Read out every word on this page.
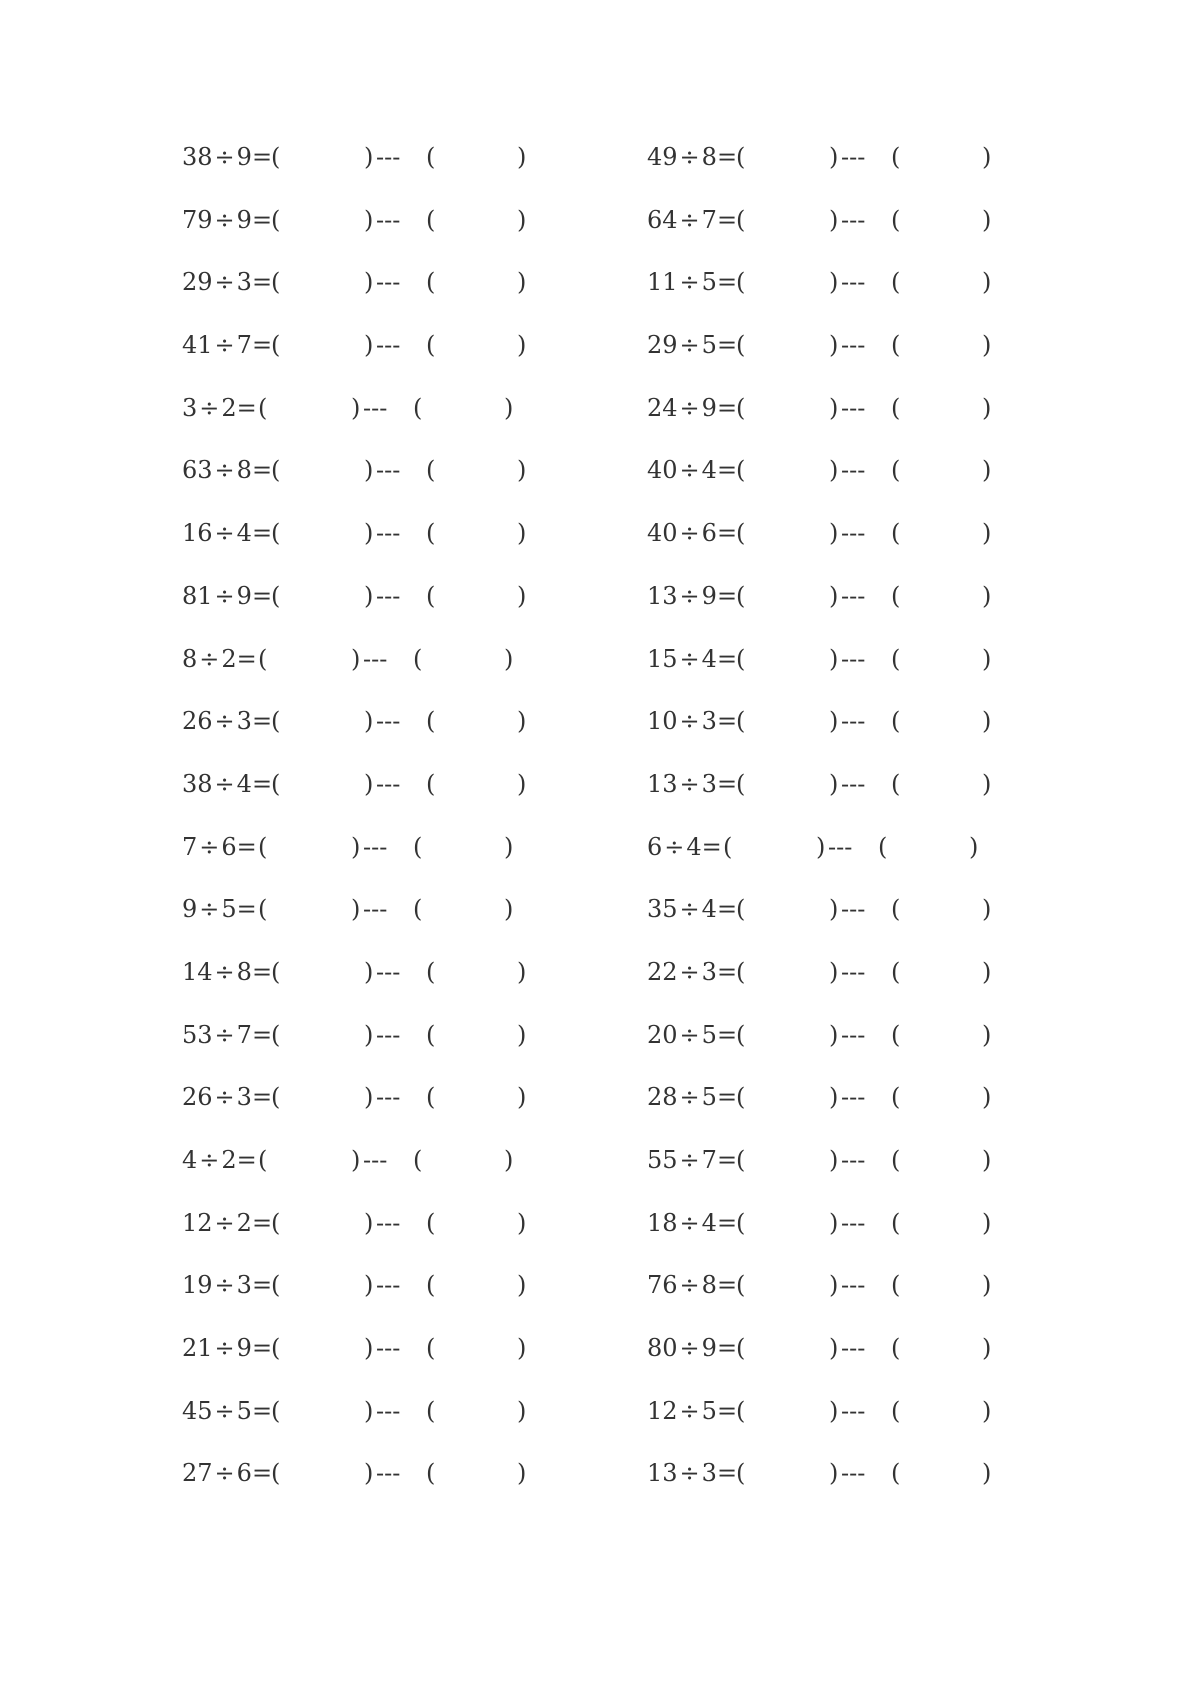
38÷9=
(	) --- (	)
79÷9=
(	) --- (	)
29÷3=
(	) --- (	)
41÷7=
(	) --- (	)
3÷2= (	) --- (	)
63÷8=
(	) --- (	)
16÷4=
(	) --- (	)
81÷9=
(	) --- (	)
8÷2= (	) --- (	)
26÷3=
(	) --- (	)
38÷4=
(	) --- (	)
7÷6= (	) --- (	)
9÷5= (	) --- (	)
14÷8=
(	) --- (	)
53÷7=
(	) --- (	)
26÷3=
(	) --- (	)
4÷2= (	) --- (	)
12÷2=
(	) --- (	)
19÷3=
(	) --- (	)
21÷9=
(	) --- (	)
45÷5=
(	) --- (	)
27÷6=
(	) --- (	)
49÷8=
(	) --- (	)
64÷7=
(	) --- (	)
11÷5=
(	) --- (	)
29÷5=
(	) --- (	)
24÷9=
(	) --- (	)
40÷4=
(	) --- (	)
40÷6=
(	) --- (	)
13÷9=
(	) --- (	)
15÷4=
(	) --- (	)
10÷3=
(	) --- (	)
13÷3=
(	) --- (	)
6÷4= (	) --- (	)
35÷4=
(	) --- (	)
22÷3=
(	) --- (	)
20÷5=
(	) --- (	)
28÷5=
(	) --- (	)
55÷7=
(	) --- (	)
18÷4=
(	) --- (	)
76÷8=
(	) --- (	)
80÷9=
(	) --- (	)
12÷5=
(	) --- (	)
13÷3=
(	) --- (	)
